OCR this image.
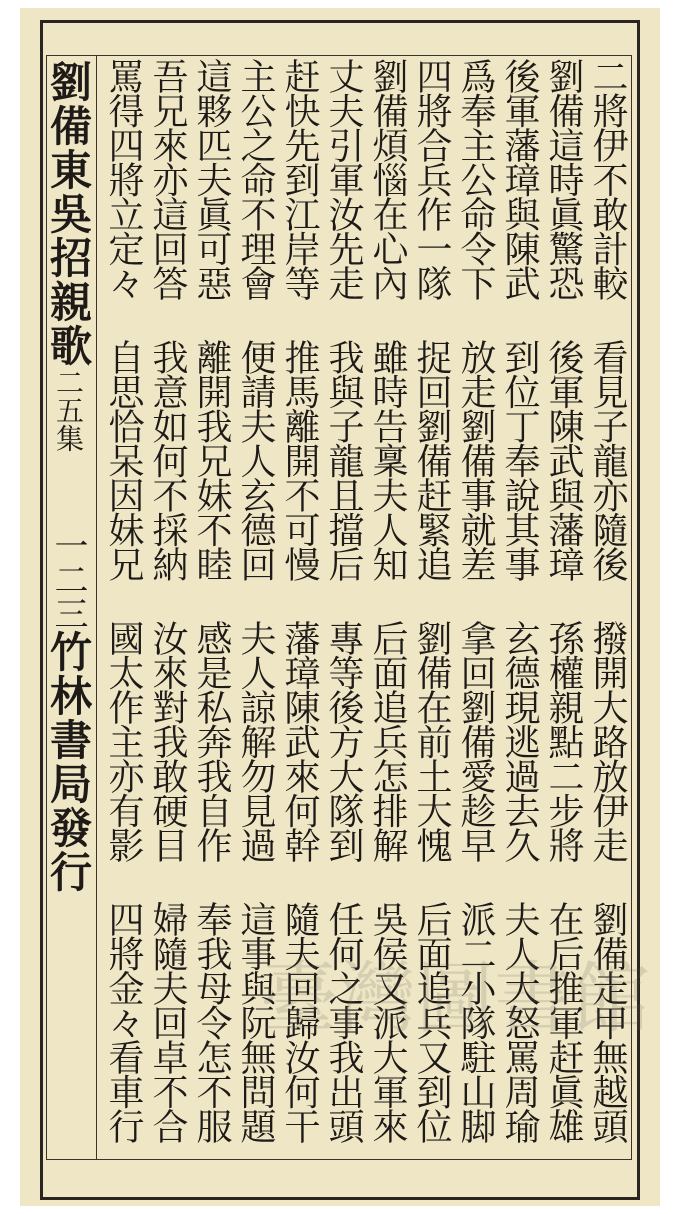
二將伊不敢計較 看見子龍亦隨後 撥開大路放伊走 劉備走甲無越頭
劉備這時眞驚恐 後軍陳武與藩璋 孫權親點二步將 在后推軍赶眞雄
後軍藩璋與陳武 到位丁奉說其事 玄德現逃過去久 夫人大怒罵周瑜
爲奉主公命令下 放走劉備事就差 拿回劉備愛趁早 派二小隊駐山脚
四將合兵作一隊 捉回劉備赶緊追 劉備在前土大愧 后面追兵又到位
劉備煩惱在心內 雖時告稟夫人知 后面追兵怎排解 吳侯又派大軍來
丈夫引軍汝先走 我與子龍且擋后 專等後方大隊到 任何之事我出頭
赶快先到江岸等 推馬離開不可慢 藩璋陳武來何幹 隨夫回歸汝何干
主公之命不理會 便請夫人玄德回 夫人諒解勿見過 這事與阮無問題
這夥匹夫眞可惡 離開我兄妹不睦 感是私奔我自作 奉我母令怎不服
吾兄來亦這回答 我意如何不採納 汝來對我敢硬目 婦隨夫回卓不合
罵得四將立定々 自思恰呆因妹兄 國太作主亦有影 四將金々看車行
劉備東吳招親歌二五集    一二三竹林書局發行
